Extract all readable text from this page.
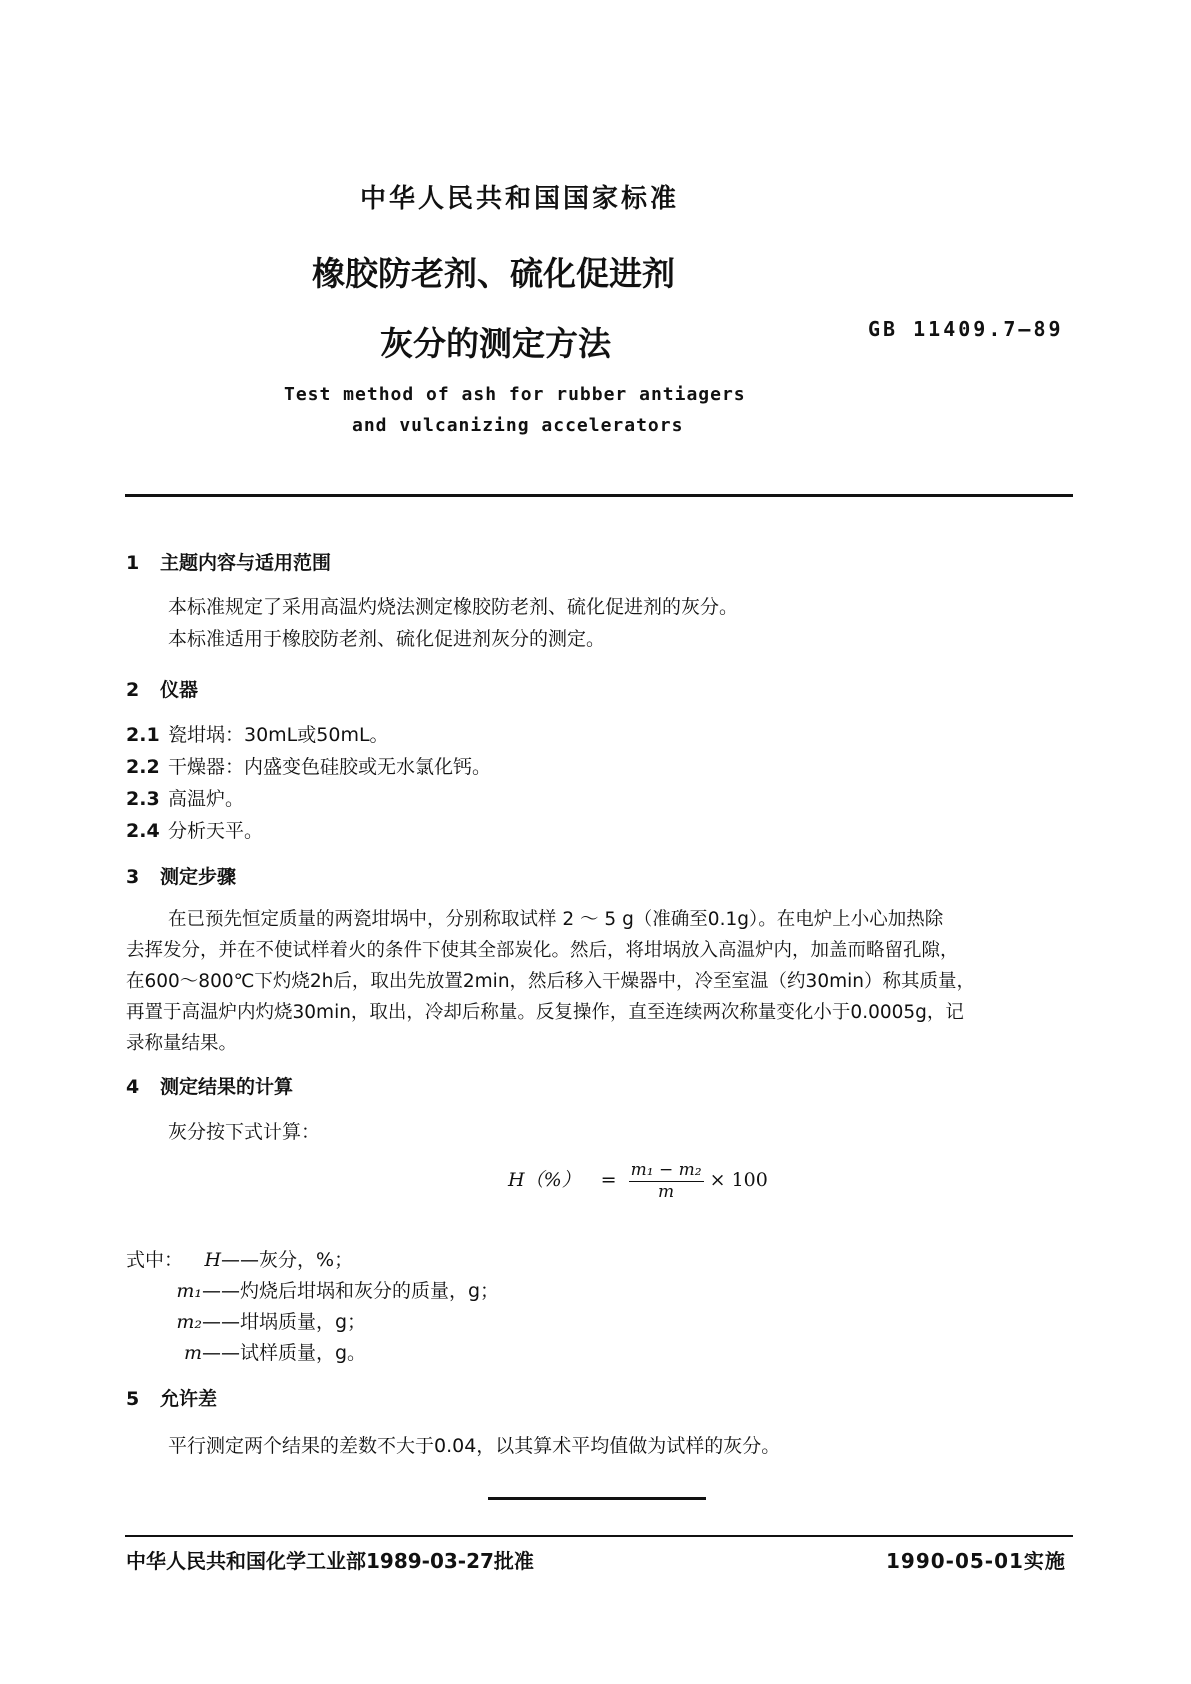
中华人民共和国国家标准
橡胶防老剂、硫化促进剂
灰分的测定方法	GB 11409.7—89
Test method of ash for rubber antiagers
and vulcanizing accelerators
1 主题内容与适用范围
本标准规定了采用高温灼烧法测定橡胶防老剂、硫化促进剂的灰分。
本标准适用于橡胶防老剂、硫化促进剂灰分的测定。
2 仪器
2.1 瓷坩埚：30mL或50mL。
2.2 干燥器：内盛变色硅胶或无水氯化钙。
2.3 高温炉。
2.4 分析天平。
3 测定步骤
在已预先恒定质量的两瓷坩埚中，分别称取试样 2 ～ 5 g（准确至0.1g）。在电炉上小心加热除
去挥发分，并在不使试样着火的条件下使其全部炭化。然后，将坩埚放入高温炉内，加盖而略留孔隙，
在600～800℃下灼烧2h后，取出先放置2min，然后移入干燥器中，冷至室温（约30min）称其质量，
再置于高温炉内灼烧30min，取出，冷却后称量。反复操作，直至连续两次称量变化小于0.0005g，记
录称量结果。
4 测定结果的计算
灰分按下式计算：
$H(\%) = \frac{\text{m₁ − m₂}}{m} \times 100$
式中： H——灰分，%；
m₁——灼烧后坩埚和灰分的质量，g；
m₂——坩埚质量，g；
m——试样质量，g。
5 允许差
平行测定两个结果的差数不大于0.04，以其算术平均值做为试样的灰分。
中华人民共和国化学工业部1989-03-27批准	1990-05-01实施
